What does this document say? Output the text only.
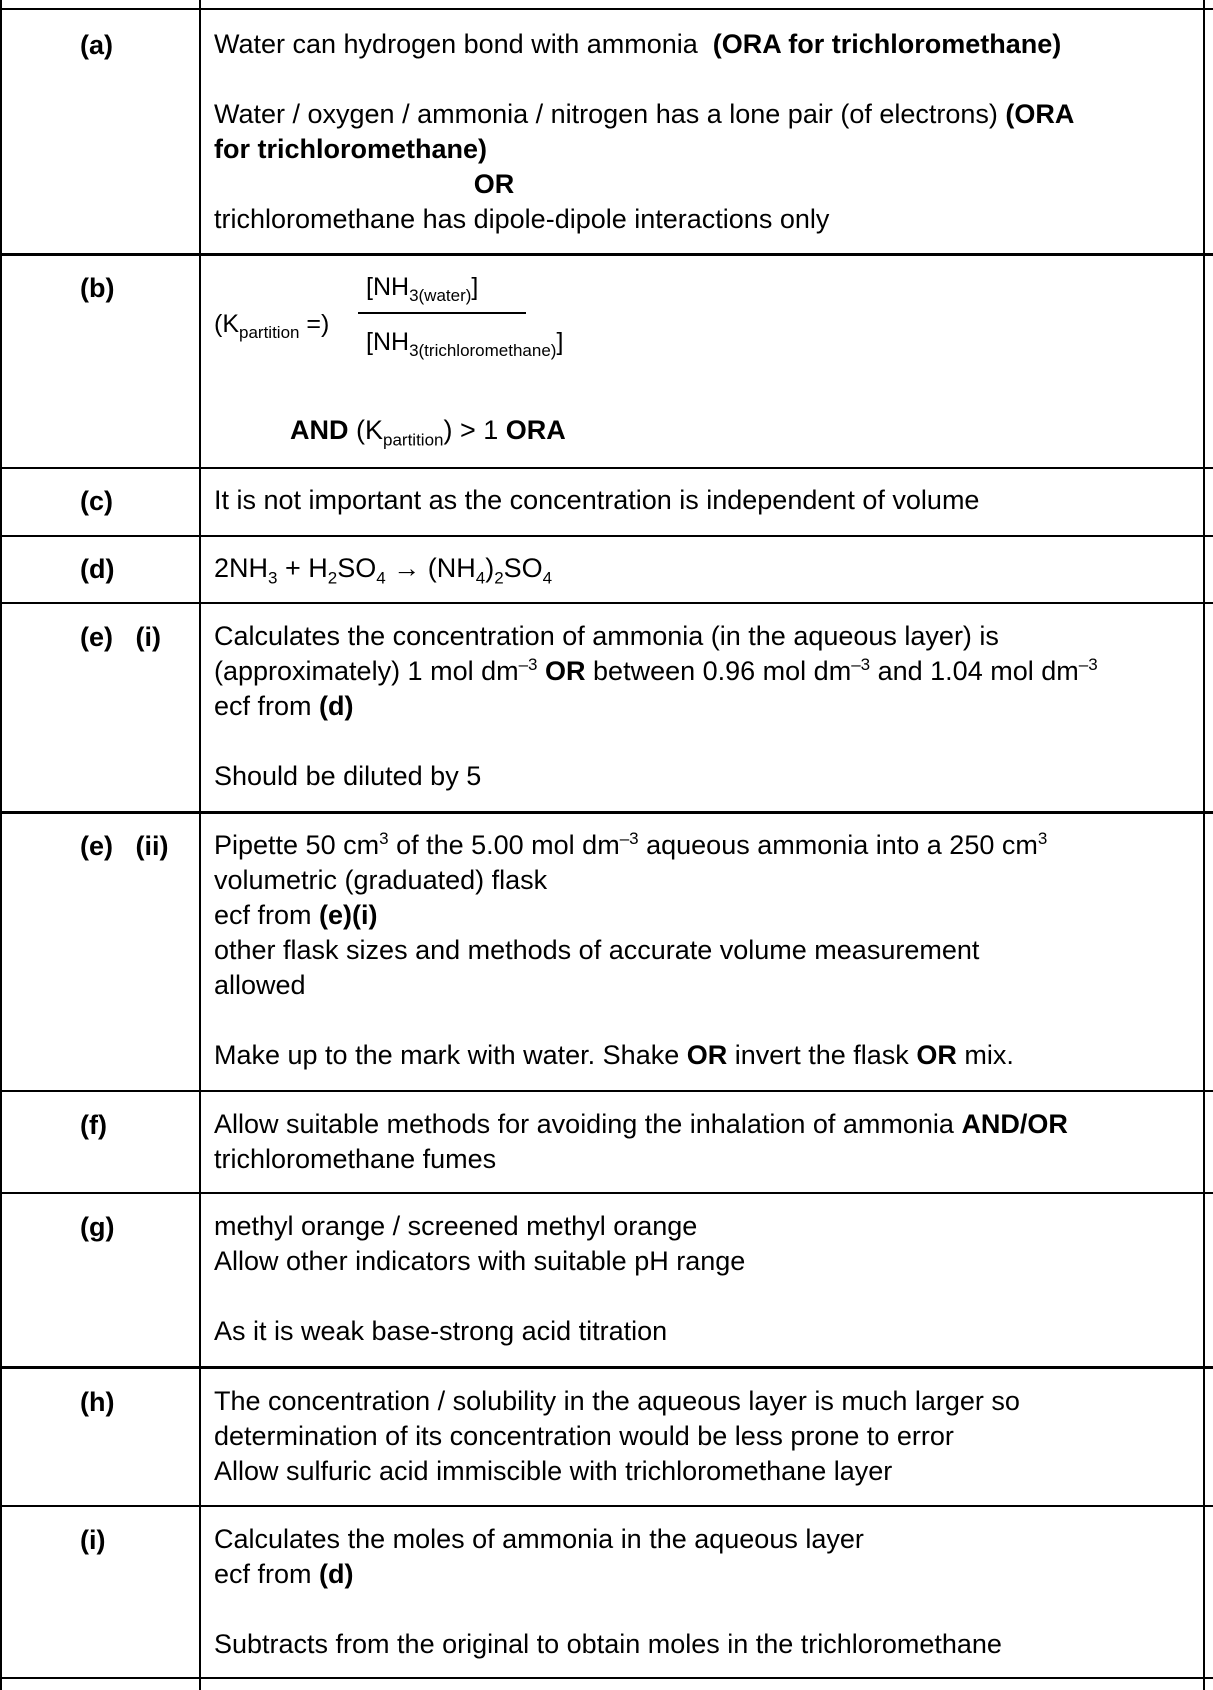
(a)	Water can hydrogen bond with ammonia (ORA for trichloromethane)

Water / oxygen / ammonia / nitrogen has a lone pair (of electrons) (ORA

for trichloromethane)

OR

trichloromethane has dipole-dipole interactions only

(b)
($K_{partition}$ =)
$[NH_{3(water)}]$
$[NH_{3(trichloromethane)}]$
AND $(K_{partition}) > 1$ ORA
(c)	It is not important as the concentration is independent of volume

(d)	$2NH_3 + H_2SO_4 \to (NH_4)_2SO_4$

(e)   (i) Calculates the concentration of ammonia (in the aqueous layer) is

(approximately) 1 mol $dm^{-3}$ OR between 0.96 mol $dm^{-3}$ and 1.04 mol $dm^{-3}$

ecf from (d)

Should be diluted by 5

(e)   (ii) Pipette 50 $cm^3$ of the 5.00 mol $dm^{-3}$ aqueous ammonia into a 250 $cm^3$

volumetric (graduated) flask

ecf from (e)(i)

other flask sizes and methods of accurate volume measurement

allowed

Make up to the mark with water. Shake OR invert the flask OR mix.

(f)	Allow suitable methods for avoiding the inhalation of ammonia AND/OR

trichloromethane fumes

(g)	methyl orange / screened methyl orange

Allow other indicators with suitable pH range

As it is weak base-strong acid titration

(h)	The concentration / solubility in the aqueous layer is much larger so

determination of its concentration would be less prone to error

Allow sulfuric acid immiscible with trichloromethane layer

(i)	Calculates the moles of ammonia in the aqueous layer

ecf from (d)

Subtracts from the original to obtain moles in the trichloromethane
